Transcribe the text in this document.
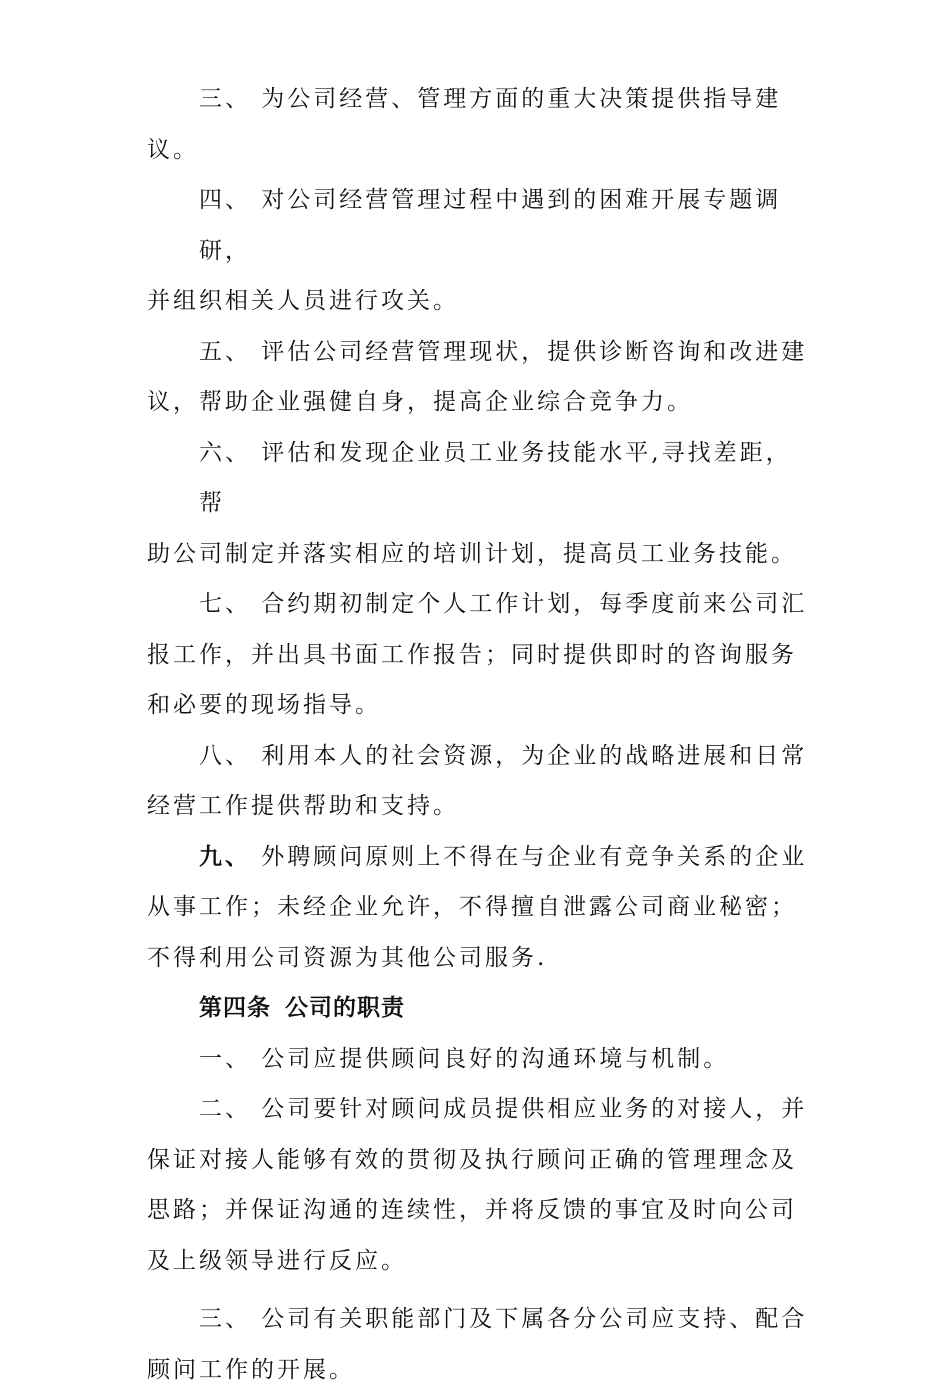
三、 为公司经营、管理方面的重大决策提供指导建议。

四、 对公司经营管理过程中遇到的困难开展专题调研，
并组织相关人员进行攻关。

五、 评估公司经营管理现状，提供诊断咨询和改进建
议，帮助企业强健自身，提高企业综合竞争力。

六、 评估和发现企业员工业务技能水平,寻找差距，帮
助公司制定并落实相应的培训计划，提高员工业务技能。

七、 合约期初制定个人工作计划，每季度前来公司汇
报工作，并出具书面工作报告；同时提供即时的咨询服务
和必要的现场指导。

八、 利用本人的社会资源，为企业的战略进展和日常
经营工作提供帮助和支持。

九、 外聘顾问原则上不得在与企业有竞争关系的企业
从事工作；未经企业允许，不得擅自泄露公司商业秘密；
不得利用公司资源为其他公司服务.

第四条 公司的职责

一、 公司应提供顾问良好的沟通环境与机制。

二、 公司要针对顾问成员提供相应业务的对接人，并
保证对接人能够有效的贯彻及执行顾问正确的管理理念及
思路；并保证沟通的连续性，并将反馈的事宜及时向公司
及上级领导进行反应。

三、 公司有关职能部门及下属各分公司应支持、配合
顾问工作的开展。
